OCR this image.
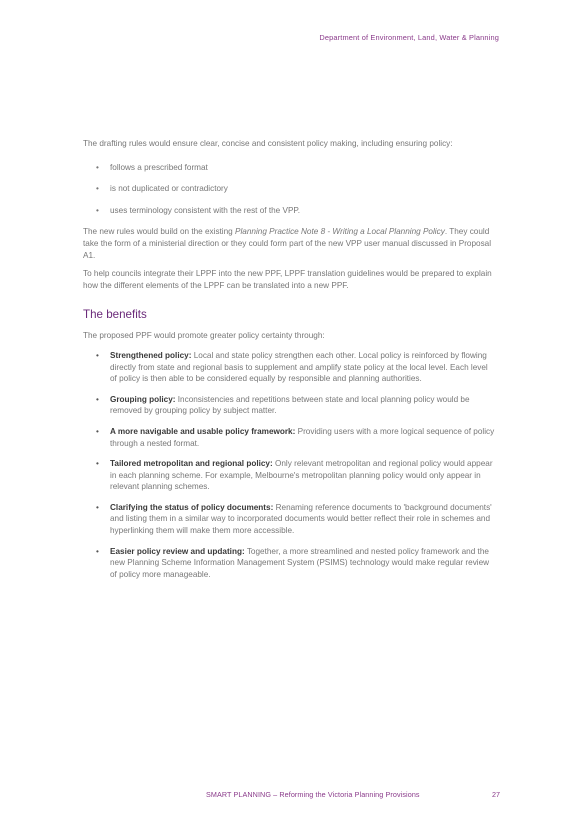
Department of Environment, Land, Water & Planning

The drafting rules would ensure clear, concise and consistent policy making, including ensuring policy:

• follows a prescribed format
• is not duplicated or contradictory
• uses terminology consistent with the rest of the VPP.

The new rules would build on the existing Planning Practice Note 8 - Writing a Local Planning Policy. They could take the form of a ministerial direction or they could form part of the new VPP user manual discussed in Proposal A1.

To help councils integrate their LPPF into the new PPF, LPPF translation guidelines would be prepared to explain how the different elements of the LPPF can be translated into a new PPF.

The benefits

The proposed PPF would promote greater policy certainty through:

• Strengthened policy: Local and state policy strengthen each other. Local policy is reinforced by flowing directly from state and regional basis to supplement and amplify state policy at the local level. Each level of policy is then able to be considered equally by responsible and planning authorities.
• Grouping policy: Inconsistencies and repetitions between state and local planning policy would be removed by grouping policy by subject matter.
• A more navigable and usable policy framework: Providing users with a more logical sequence of policy through a nested format.
• Tailored metropolitan and regional policy: Only relevant metropolitan and regional policy would appear in each planning scheme. For example, Melbourne's metropolitan planning policy would only appear in relevant planning schemes.
• Clarifying the status of policy documents: Renaming reference documents to 'background documents' and listing them in a similar way to incorporated documents would better reflect their role in schemes and hyperlinking them will make them more accessible.
• Easier policy review and updating: Together, a more streamlined and nested policy framework and the new Planning Scheme Information Management System (PSIMS) technology would make regular review of policy more manageable.
SMART PLANNING – Reforming the Victoria Planning Provisions	27
